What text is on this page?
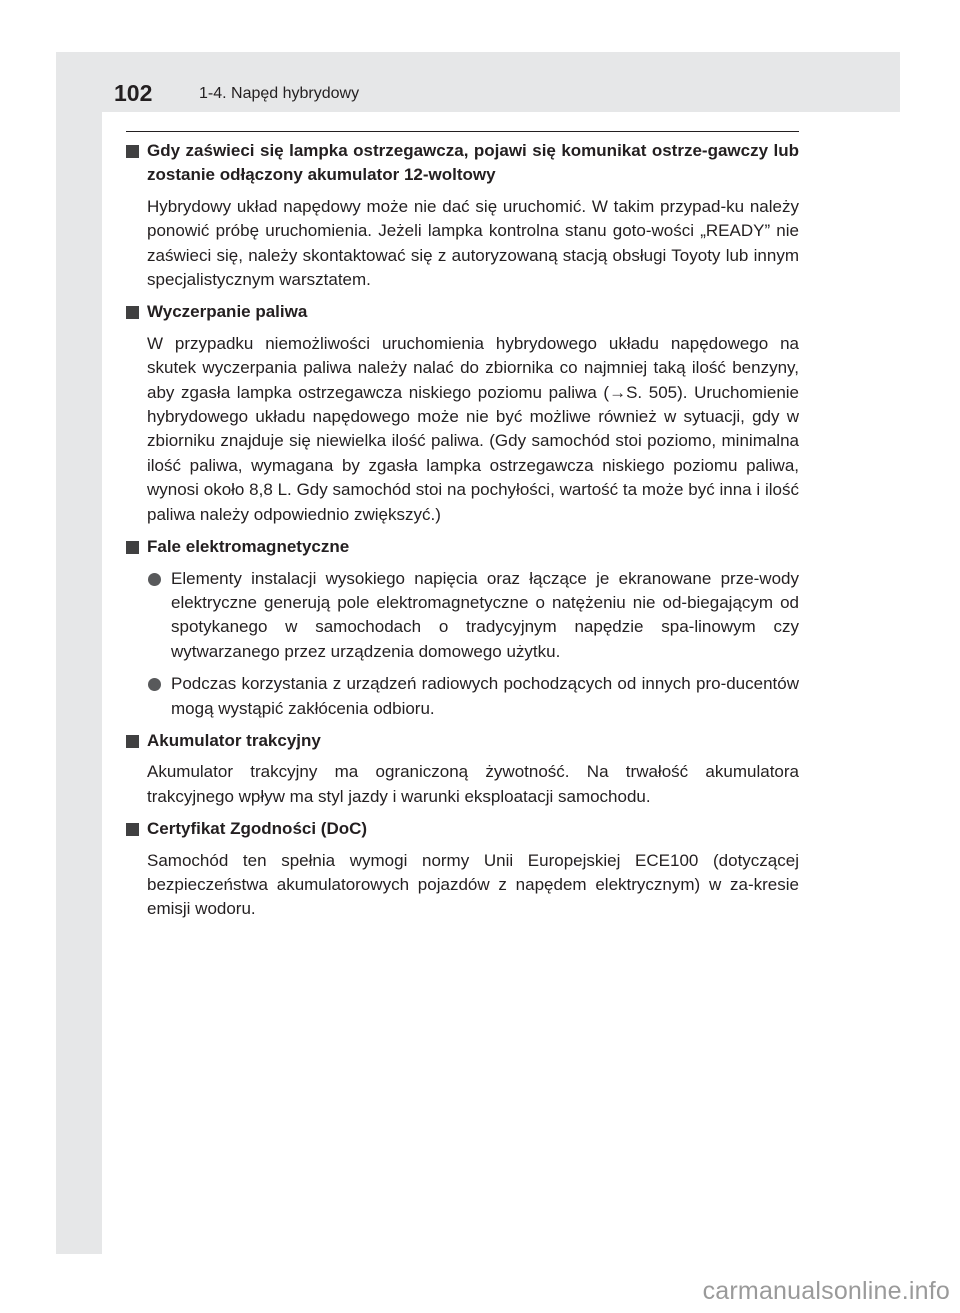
102	1-4. Napęd hybrydowy
Gdy zaświeci się lampka ostrzegawcza, pojawi się komunikat ostrze-gawczy lub zostanie odłączony akumulator 12-woltowy

Hybrydowy układ napędowy może nie dać się uruchomić. W takim przypad-ku należy ponowić próbę uruchomienia. Jeżeli lampka kontrolna stanu goto-wości „READY” nie zaświeci się, należy skontaktować się z autoryzowaną stacją obsługi Toyoty lub innym specjalistycznym warsztatem.

Wyczerpanie paliwa

W przypadku niemożliwości uruchomienia hybrydowego układu napędowego na skutek wyczerpania paliwa należy nalać do zbiornika co najmniej taką ilość benzyny, aby zgasła lampka ostrzegawcza niskiego poziomu paliwa (→S. 505). Uruchomienie hybrydowego układu napędowego może nie być możliwe również w sytuacji, gdy w zbiorniku znajduje się niewielka ilość paliwa. (Gdy samochód stoi poziomo, minimalna ilość paliwa, wymagana by zgasła lampka ostrzegawcza niskiego poziomu paliwa, wynosi około 8,8 L. Gdy samochód stoi na pochyłości, wartość ta może być inna i ilość paliwa należy odpowiednio zwiększyć.)

Fale elektromagnetyczne
Elementy instalacji wysokiego napięcia oraz łączące je ekranowane prze-wody elektryczne generują pole elektromagnetyczne o natężeniu nie od-biegającym od spotykanego w samochodach o tradycyjnym napędzie spa-linowym czy wytwarzanego przez urządzenia domowego użytku.
Podczas korzystania z urządzeń radiowych pochodzących od innych pro-ducentów mogą wystąpić zakłócenia odbioru.
Akumulator trakcyjny

Akumulator trakcyjny ma ograniczoną żywotność. Na trwałość akumulatora trakcyjnego wpływ ma styl jazdy i warunki eksploatacji samochodu.

Certyfikat Zgodności (DoC)

Samochód ten spełnia wymogi normy Unii Europejskiej ECE100 (dotyczącej bezpieczeństwa akumulatorowych pojazdów z napędem elektrycznym) w za-kresie emisji wodoru.

carmanualsonline.info
